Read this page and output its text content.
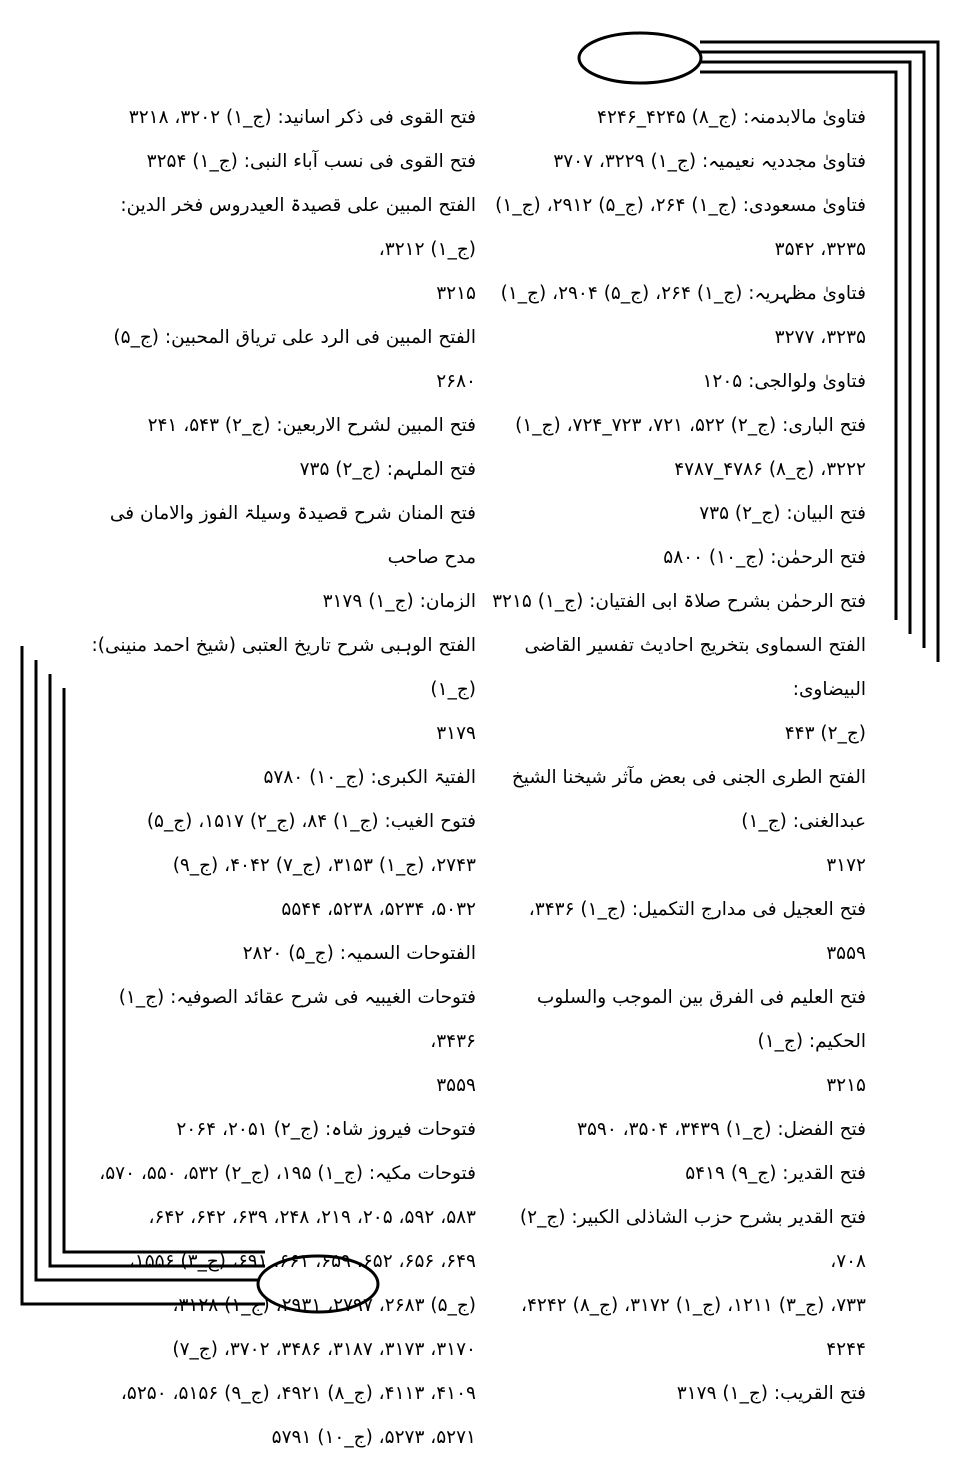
فتاویٰ مالابدمنہ: (ج_۸) ۴۲۴۵_۴۲۴۶

فتاویٰ مجددیہ نعیمیہ: (ج_۱) ۳۲۲۹، ۳۷۰۷

فتاویٰ مسعودی: (ج_۱) ۲۶۴، (ج_۵) ۲۹۱۲، (ج_۱)

۳۲۳۵، ۳۵۴۲

فتاویٰ مظہریہ: (ج_۱) ۲۶۴، (ج_۵) ۲۹۰۴، (ج_۱)

۳۲۳۵، ۳۲۷۷

فتاویٰ ولوالجی: ۱۲۰۵

فتح الباری: (ج_۲) ۵۲۲، ۷۲۱، ۷۲۳_۷۲۴، (ج_۱)

۳۲۲۲، (ج_۸) ۴۷۸۶_۴۷۸۷

فتح البیان: (ج_۲) ۷۳۵

فتح الرحمٰن: (ج_۱۰) ۵۸۰۰

فتح الرحمٰن بشرح صلاۃ ابی الفتیان: (ج_۱) ۳۲۱۵

الفتح السماوی بتخریج احادیث تفسیر القاضی البیضاوی:

(ج_۲) ۴۴۳

الفتح الطری الجنی فی بعض مآثر شیخنا الشیخ عبدالغنی: (ج_۱)

۳۱۷۲

فتح العجیل فی مدارج التکمیل: (ج_۱) ۳۴۳۶، ۳۵۵۹

فتح العلیم فی الفرق بین الموجب والسلوب الحکیم: (ج_۱)

۳۲۱۵

فتح الفضل: (ج_۱) ۳۴۳۹، ۳۵۰۴، ۳۵۹۰

فتح القدیر: (ج_۹) ۵۴۱۹

فتح القدیر بشرح حزب الشاذلی الکبیر: (ج_۲) ۷۰۸،

۷۳۳، (ج_۳) ۱۲۱۱، (ج_۱) ۳۱۷۲، (ج_۸) ۴۲۴۲،

۴۲۴۴

فتح القریب: (ج_۱) ۳۱۷۹

فتح القوی فی ذکر اسانید: (ج_۱) ۳۲۰۲، ۳۲۱۸

فتح القوی فی نسب آباء النبی: (ج_۱) ۳۲۵۴

الفتح المبین علی قصیدۃ العیدروس فخر الدین: (ج_۱) ۳۲۱۲،

۳۲۱۵

الفتح المبین فی الرد علی تریاق المحبین: (ج_۵) ۲۶۸۰

فتح المبین لشرح الاربعین: (ج_۲) ۵۴۳، ۲۴۱

فتح الملہم: (ج_۲) ۷۳۵

فتح المنان شرح قصیدۃ وسیلۃ الفوز والامان فی مدح صاحب

الزمان: (ج_۱) ۳۱۷۹

الفتح الوہبی شرح تاریخ العتبی (شیخ احمد منینی): (ج_۱)

۳۱۷۹

الفتیۃ الکبری: (ج_۱۰) ۵۷۸۰

فتوح الغیب: (ج_۱) ۸۴، (ج_۲) ۱۵۱۷، (ج_۵)

۲۷۴۳، (ج_۱) ۳۱۵۳، (ج_۷) ۴۰۴۲، (ج_۹)

۵۰۳۲، ۵۲۳۴، ۵۲۳۸، ۵۵۴۴

الفتوحات السمیہ: (ج_۵) ۲۸۲۰

فتوحات الغیبیہ فی شرح عقائد الصوفیہ: (ج_۱) ۳۴۳۶،

۳۵۵۹

فتوحات فیروز شاہ: (ج_۲) ۲۰۵۱، ۲۰۶۴

فتوحات مکیہ: (ج_۱) ۱۹۵، (ج_۲) ۵۳۲، ۵۵۰، ۵۷۰،

۵۸۳، ۵۹۲، ۲۰۵، ۲۱۹، ۲۴۸، ۶۳۹، ۶۴۲، ۶۴۲،

۶۴۹، ۶۵۶، ۶۵۲، ۶۵۹، ۶۶۱، ۶۹۱، (ج_۳) ۱۵۵۶،

(ج_۵) ۲۶۸۳، ۲۷۹۷، ۲۹۳۱، (ج_۱) ۳۱۲۸،

۳۱۷۰، ۳۱۷۳، ۳۱۸۷، ۳۴۸۶، ۳۷۰۲، (ج_۷)

۴۱۰۹، ۴۱۱۳، (ج_۸) ۴۹۲۱، (ج_۹) ۵۱۵۶، ۵۲۵۰،

۵۲۷۱، ۵۲۷۳، (ج_۱۰) ۵۷۹۱
